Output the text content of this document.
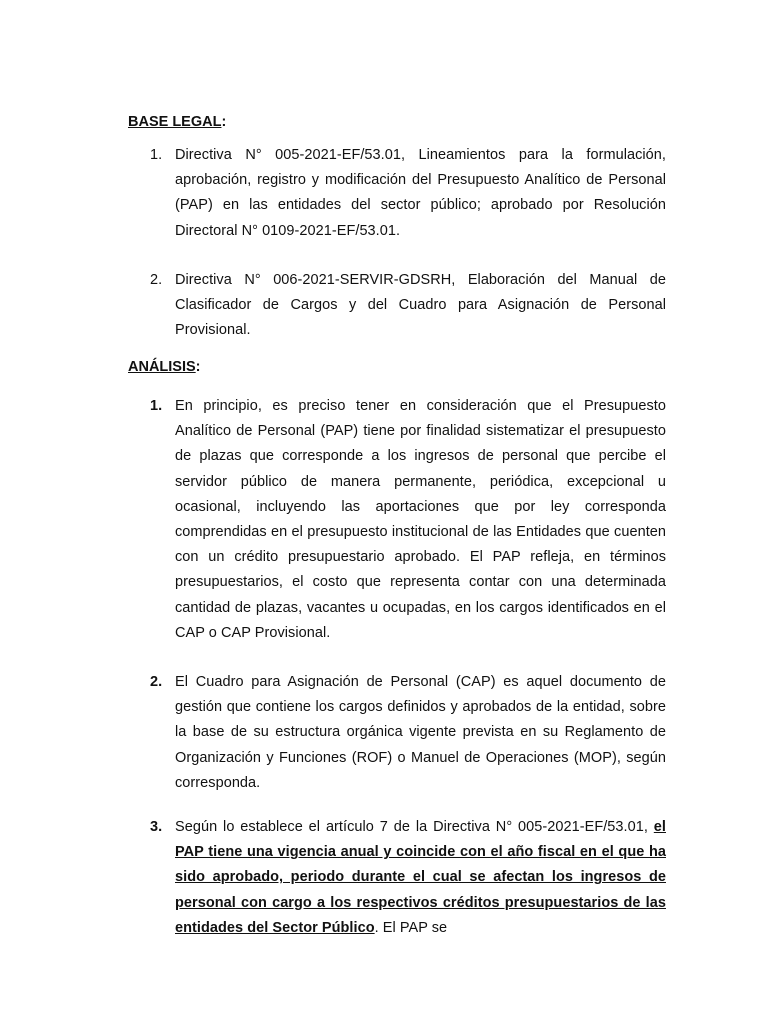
BASE LEGAL:
1. Directiva N° 005-2021-EF/53.01, Lineamientos para la formulación, aprobación, registro y modificación del Presupuesto Analítico de Personal (PAP) en las entidades del sector público; aprobado por Resolución Directoral N° 0109-2021-EF/53.01.
2. Directiva N° 006-2021-SERVIR-GDSRH, Elaboración del Manual de Clasificador de Cargos y del Cuadro para Asignación de Personal Provisional.
ANÁLISIS:
1. En principio, es preciso tener en consideración que el Presupuesto Analítico de Personal (PAP) tiene por finalidad sistematizar el presupuesto de plazas que corresponde a los ingresos de personal que percibe el servidor público de manera permanente, periódica, excepcional u ocasional, incluyendo las aportaciones que por ley corresponda comprendidas en el presupuesto institucional de las Entidades que cuenten con un crédito presupuestario aprobado. El PAP refleja, en términos presupuestarios, el costo que representa contar con una determinada cantidad de plazas, vacantes u ocupadas, en los cargos identificados en el CAP o CAP Provisional.
2. El Cuadro para Asignación de Personal (CAP) es aquel documento de gestión que contiene los cargos definidos y aprobados de la entidad, sobre la base de su estructura orgánica vigente prevista en su Reglamento de Organización y Funciones (ROF) o Manuel de Operaciones (MOP), según corresponda.
3. Según lo establece el artículo 7 de la Directiva N° 005-2021-EF/53.01, el PAP tiene una vigencia anual y coincide con el año fiscal en el que ha sido aprobado, periodo durante el cual se afectan los ingresos de personal con cargo a los respectivos créditos presupuestarios de las entidades del Sector Público. El PAP se
